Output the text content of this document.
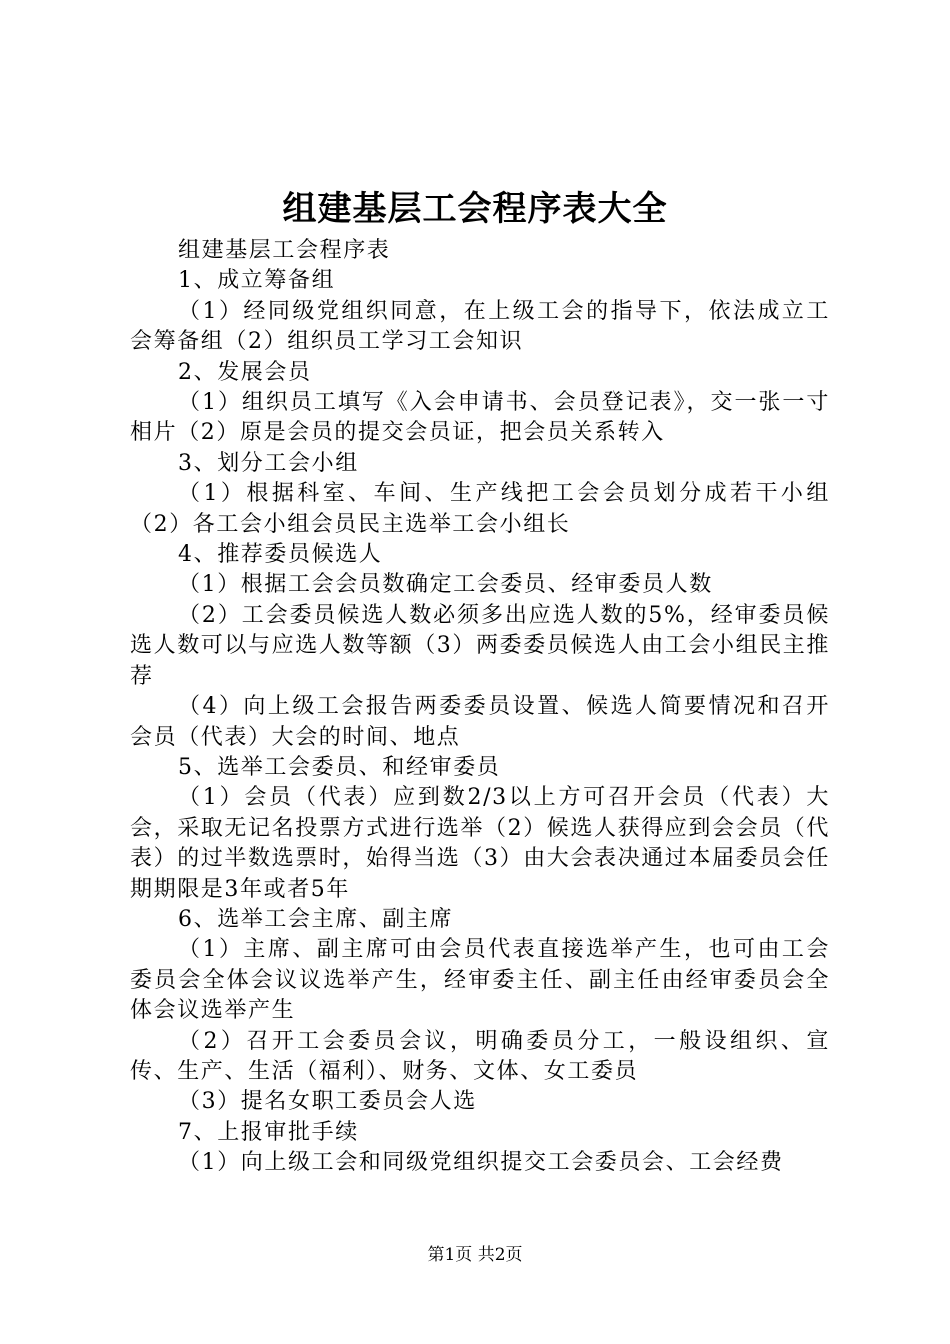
组建基层工会程序表大全

组建基层工会程序表

1、成立筹备组

（1）经同级党组织同意，在上级工会的指导下，依法成立工会筹备组（2）组织员工学习工会知识

2、发展会员

（1）组织员工填写《入会申请书、会员登记表》，交一张一寸相片（2）原是会员的提交会员证，把会员关系转入

3、划分工会小组

（1）根据科室、车间、生产线把工会会员划分成若干小组（2）各工会小组会员民主选举工会小组长

4、推荐委员候选人

（1）根据工会会员数确定工会委员、经审委员人数

（2）工会委员候选人数必须多出应选人数的5%，经审委员候选人数可以与应选人数等额（3）两委委员候选人由工会小组民主推荐

（4）向上级工会报告两委委员设置、候选人简要情况和召开会员（代表）大会的时间、地点

5、选举工会委员、和经审委员

（1）会员（代表）应到数2/3以上方可召开会员（代表）大会，采取无记名投票方式进行选举（2）候选人获得应到会会员（代表）的过半数选票时，始得当选（3）由大会表决通过本届委员会任期期限是3年或者5年

6、选举工会主席、副主席

（1）主席、副主席可由会员代表直接选举产生，也可由工会委员会全体会议议选举产生，经审委主任、副主任由经审委员会全体会议选举产生

（2）召开工会委员会议，明确委员分工，一般设组织、宣传、生产、生活（福利）、财务、文体、女工委员

（3）提名女职工委员会人选

7、上报审批手续

（1）向上级工会和同级党组织提交工会委员会、工会经费

第1页 共2页
